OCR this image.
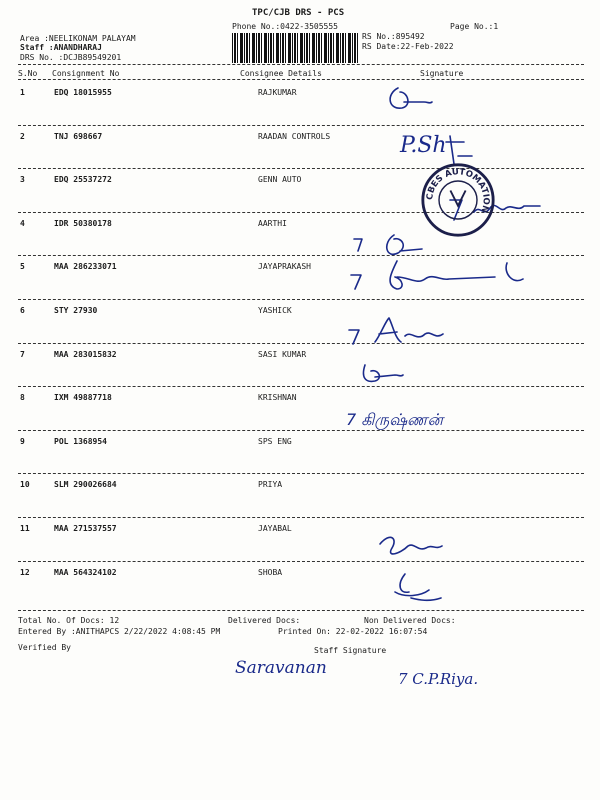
TPC/CJB DRS - PCS
Phone No.:0422-3505555	Page No.:1
Area :NEELIKONAM PALAYAM
Staff :ANANDHARAJ
DRS No. :DCJB89549201
RS No.:895492
RS Date:22-Feb-2022
S.No Consignment No	Consignee Details	Signature
1	EDQ 18015955	RAJKUMAR
2	TNJ 698667	RAADAN CONTROLS
3	EDQ 25537272	GENN AUTO
4	IDR 50380178	AARTHI
5	MAA 286233071	JAYAPRAKASH
6	STY 27930	YASHICK
7	MAA 283015832	SASI KUMAR
8	IXM 49887718	KRISHNAN
9	POL 1368954	SPS ENG
10	SLM 290026684	PRIYA
11	MAA 271537557	JAYABAL
12	MAA 564324102	SHOBA
P.Sh
7 கிருஷ்ணன்
CBES AUTOMATION
Total No. Of Docs: 12	Delivered Docs:	Non Delivered Docs:
Entered By :ANITHAPCS 2/22/2022 4:08:45 PM	Printed On: 22-02-2022 16:07:54
Verified By	Staff Signature
Saravanan
7 C.P.Riya.
